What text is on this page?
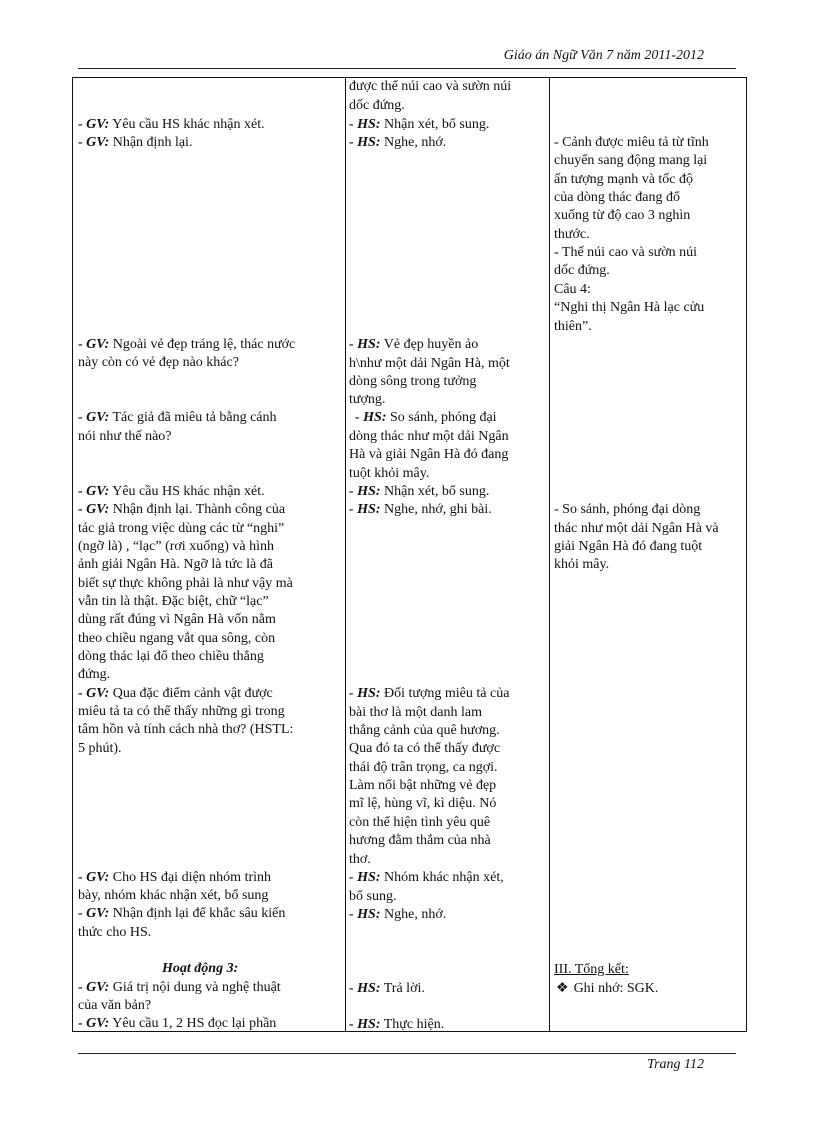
Giáo án Ngữ Văn 7 năm 2011-2012
- GV: Yêu cầu HS khác nhận xét.
- GV: Nhận định lại.
- GV: Ngoài vẻ đẹp tráng lệ, thác nước
này còn có vẻ đẹp nào khác?
- GV: Tác giả đã miêu tả bằng cánh
nói như thế nào?
- GV: Yêu cầu HS khác nhận xét.
- GV: Nhận định lại. Thành công của
tác giả trong việc dùng các từ “nghi”
(ngỡ là) , “lạc” (rơi xuống) và hình
ảnh giải Ngân Hà. Ngỡ là tức là đã
biết sự thực không phải là như vậy mà
vẫn tin là thật. Đặc biệt, chữ “lạc”
dùng rất đúng vì Ngân Hà vốn nằm
theo chiều ngang vắt qua sông, còn
dòng thác lại đổ theo chiều thẳng
đứng.
- GV: Qua đặc điểm cảnh vật được
miêu tả ta có thể thấy những gì trong
tâm hồn và tính cách nhà thơ? (HSTL:
5 phút).
- GV: Cho HS đại diện nhóm trình
bày, nhóm khác nhận xét, bổ sung
- GV: Nhận định lại để khắc sâu kiến
thức cho HS.
Hoạt động 3:
- GV: Giá trị nội dung và nghệ thuật
của văn bản?
- GV: Yêu cầu 1, 2 HS đọc lại phần
được thể núi cao và sườn núi
dốc đứng.
- HS: Nhận xét, bổ sung.
- HS: Nghe, nhớ.
- HS: Vẻ đẹp huyền ảo
h\như một dải Ngân Hà, một
dòng sông trong tưởng
tượng.
- HS: So sánh, phóng đại
dòng thác như một dải Ngân
Hà và giải Ngân Hà đó đang
tuột khỏi mây.
- HS: Nhận xét, bổ sung.
- HS: Nghe, nhớ, ghi bài.
- HS: Đối tượng miêu tả của
bài thơ là một danh lam
thắng cảnh của quê hương.
Qua đó ta có thể thấy được
thái độ trân trọng, ca ngợi.
Làm nổi bật những vẻ đẹp
mĩ lệ, hùng vĩ, kì diệu. Nó
còn thể hiện tình yêu quê
hương đằm thắm của nhà
thơ.
- HS: Nhóm khác nhận xét,
bổ sung.
- HS: Nghe, nhớ.
- HS: Trả lời.
- HS: Thực hiện.
- Cảnh được miêu tả từ tĩnh
chuyển sang động mang lại
ấn tượng mạnh và tốc độ
của dòng thác đang đổ
xuống từ độ cao 3 nghìn
thước.
- Thế núi cao và sườn núi
dốc đứng.
Câu 4:
“Nghi thị Ngân Hà lạc cửu
thiên”.
- So sánh, phóng đại dòng
thác như một dải Ngân Hà và
giải Ngân Hà đó đang tuột
khỏi mây.
III. Tổng kết:
❖ Ghi nhớ: SGK.
Trang 112
